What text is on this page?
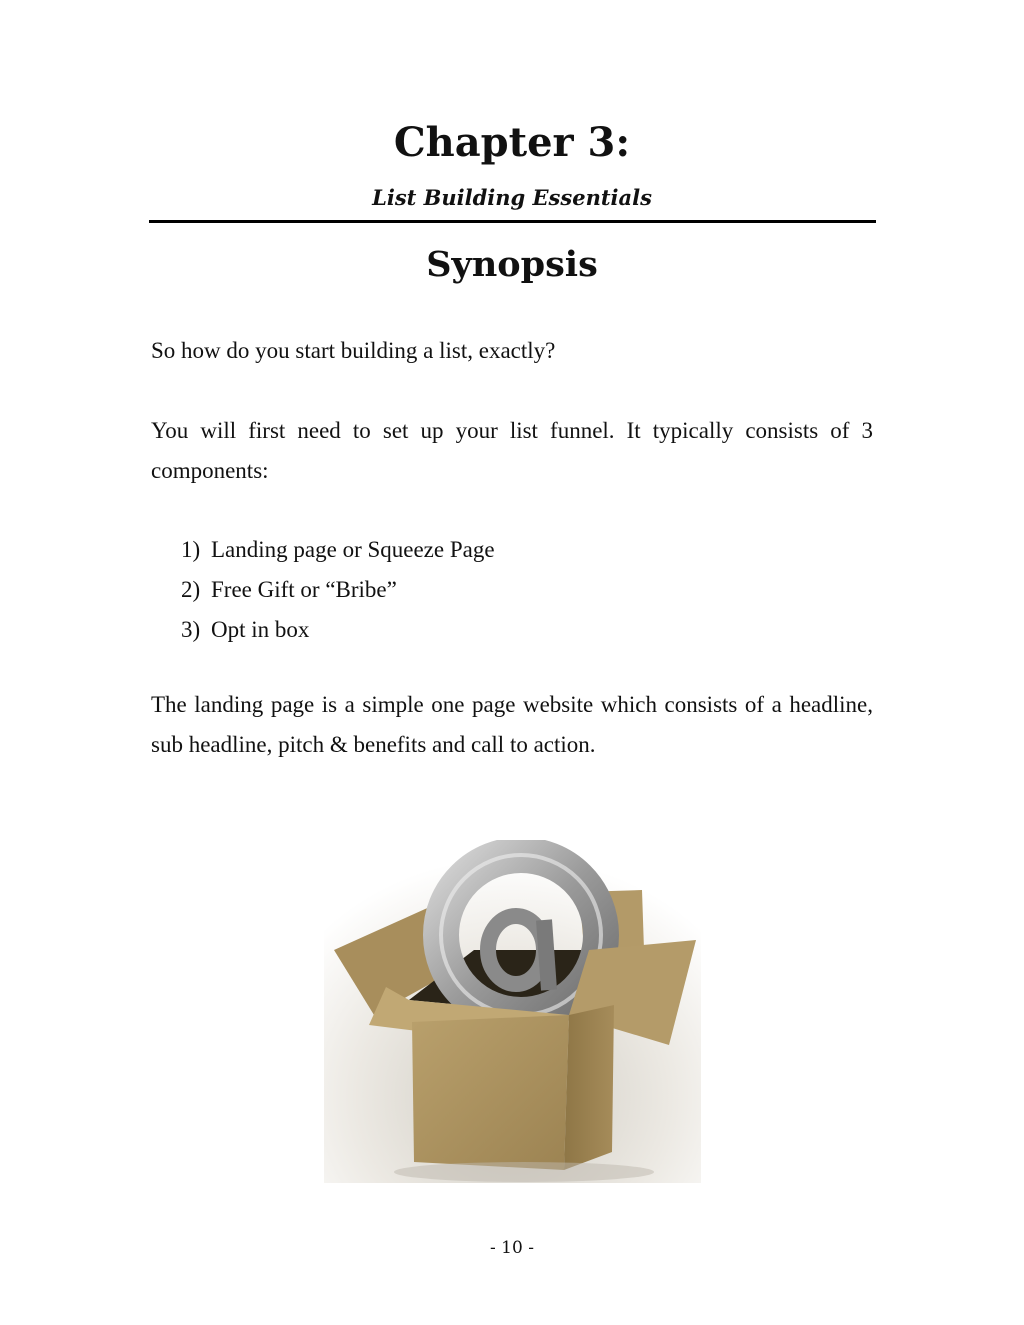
Chapter 3:
List Building Essentials
Synopsis

So how do you start building a list, exactly?

You will first need to set up your list funnel. It typically consists of 3 components:

1) Landing page or Squeeze Page
2) Free Gift or “Bribe”
3) Opt in box

The landing page is a simple one page website which consists of a headline, sub headline, pitch & benefits and call to action.

- 10 -
